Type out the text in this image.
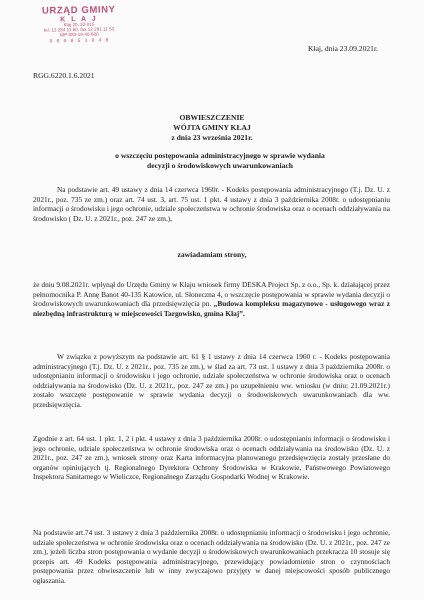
URZĄD GMINY
K L A J
Klaj 20, 32-015
tel. 12 284 11 60, fax 12 281 11 53
NIP 683-19-40-800
0 0 0 0 5 3 0 4 8
Kłaj, dnia 23.09.2021r.
RGG.6220.1.6.2021
OBWIESZCZENIE
WÓJTA GMINY KŁAJ
z dnia 23 września 2021r.
o wszczęciu postępowania administracyjnego w sprawie wydania
decyzji o środowiskowych uwarunkowaniach
Na podstawie art. 49 ustawy z dnia 14 czerwca 1960r. - Kodeks postępowania administracyjnego (T.j. Dz. U. z 2021r., poz. 735 ze zm.) oraz art. 74 ust. 3, art. 75 ust. 1 pkt. 4 ustawy z dnia 3 października 2008r. o udostępnianiu informacji o środowisku i jego ochronie, udziale społeczeństwa w ochronie środowiska oraz o ocenach oddziaływania na środowisko ( Dz. U. z 2021r., poz. 247 ze zm.),
zawiadamiam strony,
że dniu 9.08.2021r. wpłynął do Urzędu Gminy w Kłaju wniosek firmy DESKA Project Sp. z o.o., Sp. k. działającej przez pełnomocnika P. Annę Banot 40-135 Katowice, ul. Słoneczna 4, o wszczęcie postępowania w sprawie wydania decyzji o środowiskowych uwarunkowaniach dla przedsięwzięcia pn. „Budowa kompleksu magazynowo - usługowego wraz z niezbędną infrastrukturą w miejscowości Targowisko, gmina Kłaj”.
W związku z powyższym na podstawie art. 61 § 1 ustawy z dnia 14 czerwca 1960 r. - Kodeks postępowania administracyjnego (T.j. Dz. U. z 2021r., poz. 735 ze zm.), w ślad za art. 73 ust. 1 ustawy z dnia 3 października 2008r. o udostępnianiu informacji o środowisku i jego ochronie, udziale społeczeństwa w ochronie środowiska oraz o ocenach oddziaływania na środowisko (Dz. U. z 2021r., poz. 247 ze zm.) po uzupełnieniu ww. wniosku (w dniu: 21.09.2021r.) zostało wszczęte postępowanie w sprawie wydania decyzji o środowiskowych uwarunkowaniach dla ww. przedsięwzięcia.
Zgodnie z art. 64 ust. 1 pkt. 1, 2 i pkt. 4 ustawy z dnia 3 października 2008r. o udostępnianiu informacji o środowisku i jego ochronie, udziale społeczeństwa w ochronie środowiska oraz o ocenach oddziaływania na środowisko (Dz. U. z 2021r., poz. 247 ze zm.), wniosek strony oraz Karta informacyjna planowanego przedsięwzięcia zostały przesłane do organów opiniujących tj. Regionalnego Dyrektora Ochrony Środowiska w Krakowie, Państwowego Powiatowego Inspektora Sanitarnego w Wieliczce, Regionalnego Zarządu Gospodarki Wodnej w Krakowie.
Na podstawie art.74 ust. 3 ustawy z dnia 3 października 2008r. o udostępnianiu informacji o środowisku i jego ochronie, udziale społeczeństwa w ochronie środowiska oraz o ocenach oddziaływania na środowisko (Dz. U. z 2021r., poz. 247 ze zm.), jeżeli liczba stron postępowania o wydanie decyzji o środowiskowych uwarunkowaniach przekracza 10 stosuje się przepis art. 49 Kodeks postępowania administracyjnego, przewidujący powiadomienie stron o czynnościach postępowania przez obwieszczenie lub w inny zwyczajowo przyjęty w danej miejscowości sposób publicznego ogłaszania.
